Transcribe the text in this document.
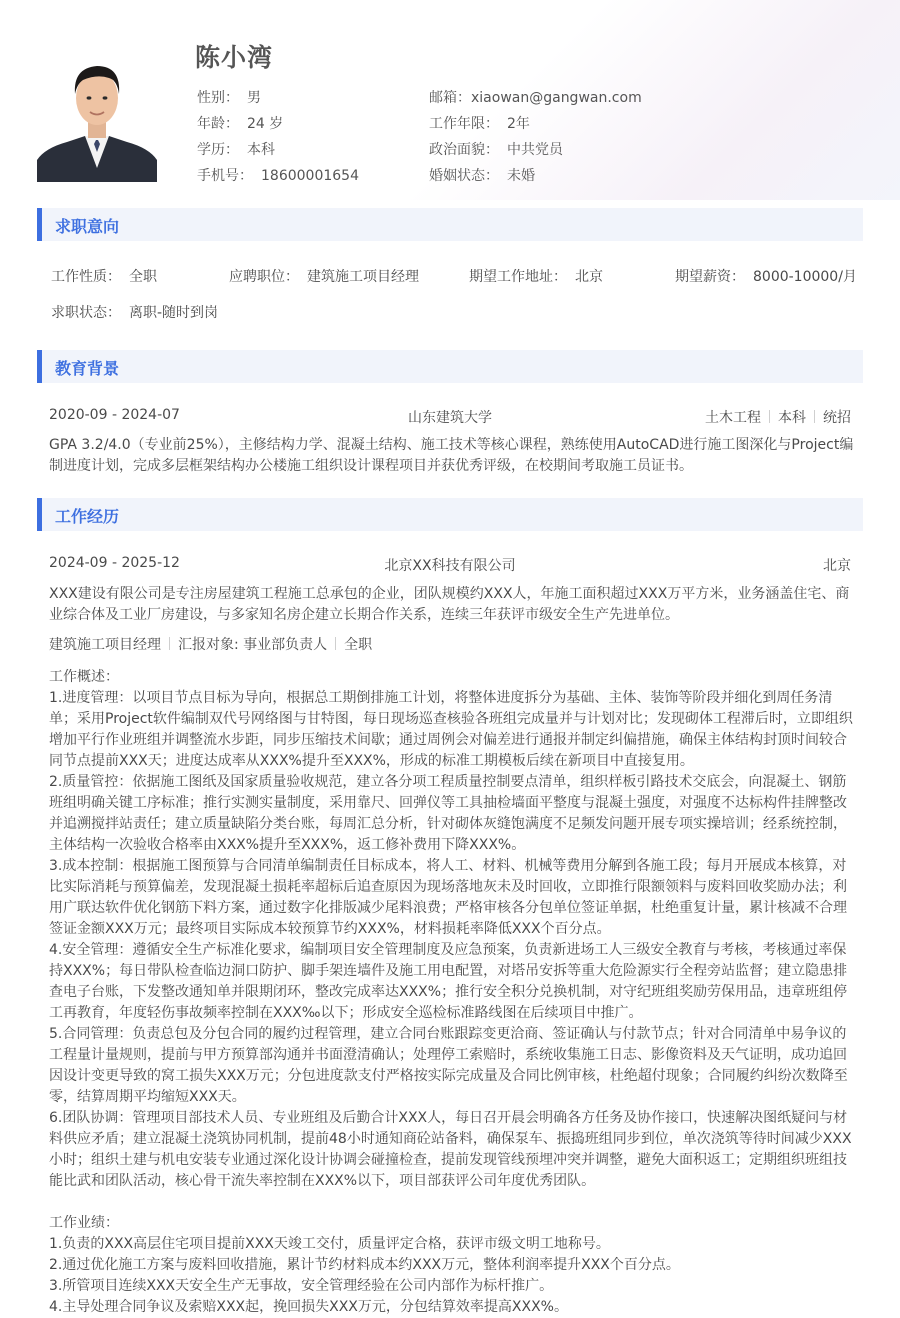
陈小湾
性别： 男
年龄： 24 岁
学历： 本科
手机号： 18600001654
邮箱：xiaowan@gangwan.com
工作年限： 2年
政治面貌： 中共党员
婚姻状态： 未婚
求职意向
工作性质： 全职	应聘职位： 建筑施工项目经理	期望工作地址： 北京	期望薪资： 8000-10000/月
求职状态： 离职-随时到岗
教育背景
2020-09 - 2024-07	山东建筑大学	土木工程 本科 统招
GPA 3.2/4.0（专业前25%），主修结构力学、混凝土结构、施工技术等核心课程，熟练使用AutoCAD进行施工图深化与Project编制进度计划，完成多层框架结构办公楼施工组织设计课程项目并获优秀评级，在校期间考取施工员证书。
工作经历
2024-09 - 2025-12	北京XX科技有限公司	北京
XXX建设有限公司是专注房屋建筑工程施工总承包的企业，团队规模约XXX人，年施工面积超过XXX万平方米，业务涵盖住宅、商业综合体及工业厂房建设，与多家知名房企建立长期合作关系，连续三年获评市级安全生产先进单位。
建筑施工项目经理 汇报对象: 事业部负责人 全职
工作概述：
1.进度管理：以项目节点目标为导向，根据总工期倒排施工计划，将整体进度拆分为基础、主体、装饰等阶段并细化到周任务清单；采用Project软件编制双代号网络图与甘特图，每日现场巡查核验各班组完成量并与计划对比；发现砌体工程滞后时，立即组织增加平行作业班组并调整流水步距，同步压缩技术间歇；通过周例会对偏差进行通报并制定纠偏措施，确保主体结构封顶时间较合同节点提前XXX天；进度达成率从XXX%提升至XXX%，形成的标准工期模板后续在新项目中直接复用。
2.质量管控：依据施工图纸及国家质量验收规范，建立各分项工程质量控制要点清单，组织样板引路技术交底会，向混凝土、钢筋班组明确关键工序标准；推行实测实量制度，采用靠尺、回弹仪等工具抽检墙面平整度与混凝土强度，对强度不达标构件挂牌整改并追溯搅拌站责任；建立质量缺陷分类台账，每周汇总分析，针对砌体灰缝饱满度不足频发问题开展专项实操培训；经系统控制，主体结构一次验收合格率由XXX%提升至XXX%，返工修补费用下降XXX%。
3.成本控制：根据施工图预算与合同清单编制责任目标成本，将人工、材料、机械等费用分解到各施工段；每月开展成本核算，对比实际消耗与预算偏差，发现混凝土损耗率超标后追查原因为现场落地灰未及时回收，立即推行限额领料与废料回收奖励办法；利用广联达软件优化钢筋下料方案，通过数字化排版减少尾料浪费；严格审核各分包单位签证单据，杜绝重复计量，累计核减不合理签证金额XXX万元；最终项目实际成本较预算节约XXX%，材料损耗率降低XXX个百分点。
4.安全管理：遵循安全生产标准化要求，编制项目安全管理制度及应急预案，负责新进场工人三级安全教育与考核，考核通过率保持XXX%；每日带队检查临边洞口防护、脚手架连墙件及施工用电配置，对塔吊安拆等重大危险源实行全程旁站监督；建立隐患排查电子台账，下发整改通知单并限期闭环，整改完成率达XXX%；推行安全积分兑换机制，对守纪班组奖励劳保用品，违章班组停工再教育，年度轻伤事故频率控制在XXX‰以下；形成安全巡检标准路线图在后续项目中推广。
5.合同管理：负责总包及分包合同的履约过程管理，建立合同台账跟踪变更洽商、签证确认与付款节点；针对合同清单中易争议的工程量计量规则，提前与甲方预算部沟通并书面澄清确认；处理停工索赔时，系统收集施工日志、影像资料及天气证明，成功追回因设计变更导致的窝工损失XXX万元；分包进度款支付严格按实际完成量及合同比例审核，杜绝超付现象；合同履约纠纷次数降至零，结算周期平均缩短XXX天。
6.团队协调：管理项目部技术人员、专业班组及后勤合计XXX人，每日召开晨会明确各方任务及协作接口，快速解决图纸疑问与材料供应矛盾；建立混凝土浇筑协同机制，提前48小时通知商砼站备料，确保泵车、振捣班组同步到位，单次浇筑等待时间减少XXX小时；组织土建与机电安装专业通过深化设计协调会碰撞检查，提前发现管线预埋冲突并调整，避免大面积返工；定期组织班组技能比武和团队活动，核心骨干流失率控制在XXX%以下，项目部获评公司年度优秀团队。
工作业绩：
1.负责的XXX高层住宅项目提前XXX天竣工交付，质量评定合格，获评市级文明工地称号。
2.通过优化施工方案与废料回收措施，累计节约材料成本约XXX万元，整体利润率提升XXX个百分点。
3.所管项目连续XXX天安全生产无事故，安全管理经验在公司内部作为标杆推广。
4.主导处理合同争议及索赔XXX起，挽回损失XXX万元，分包结算效率提高XXX%。
